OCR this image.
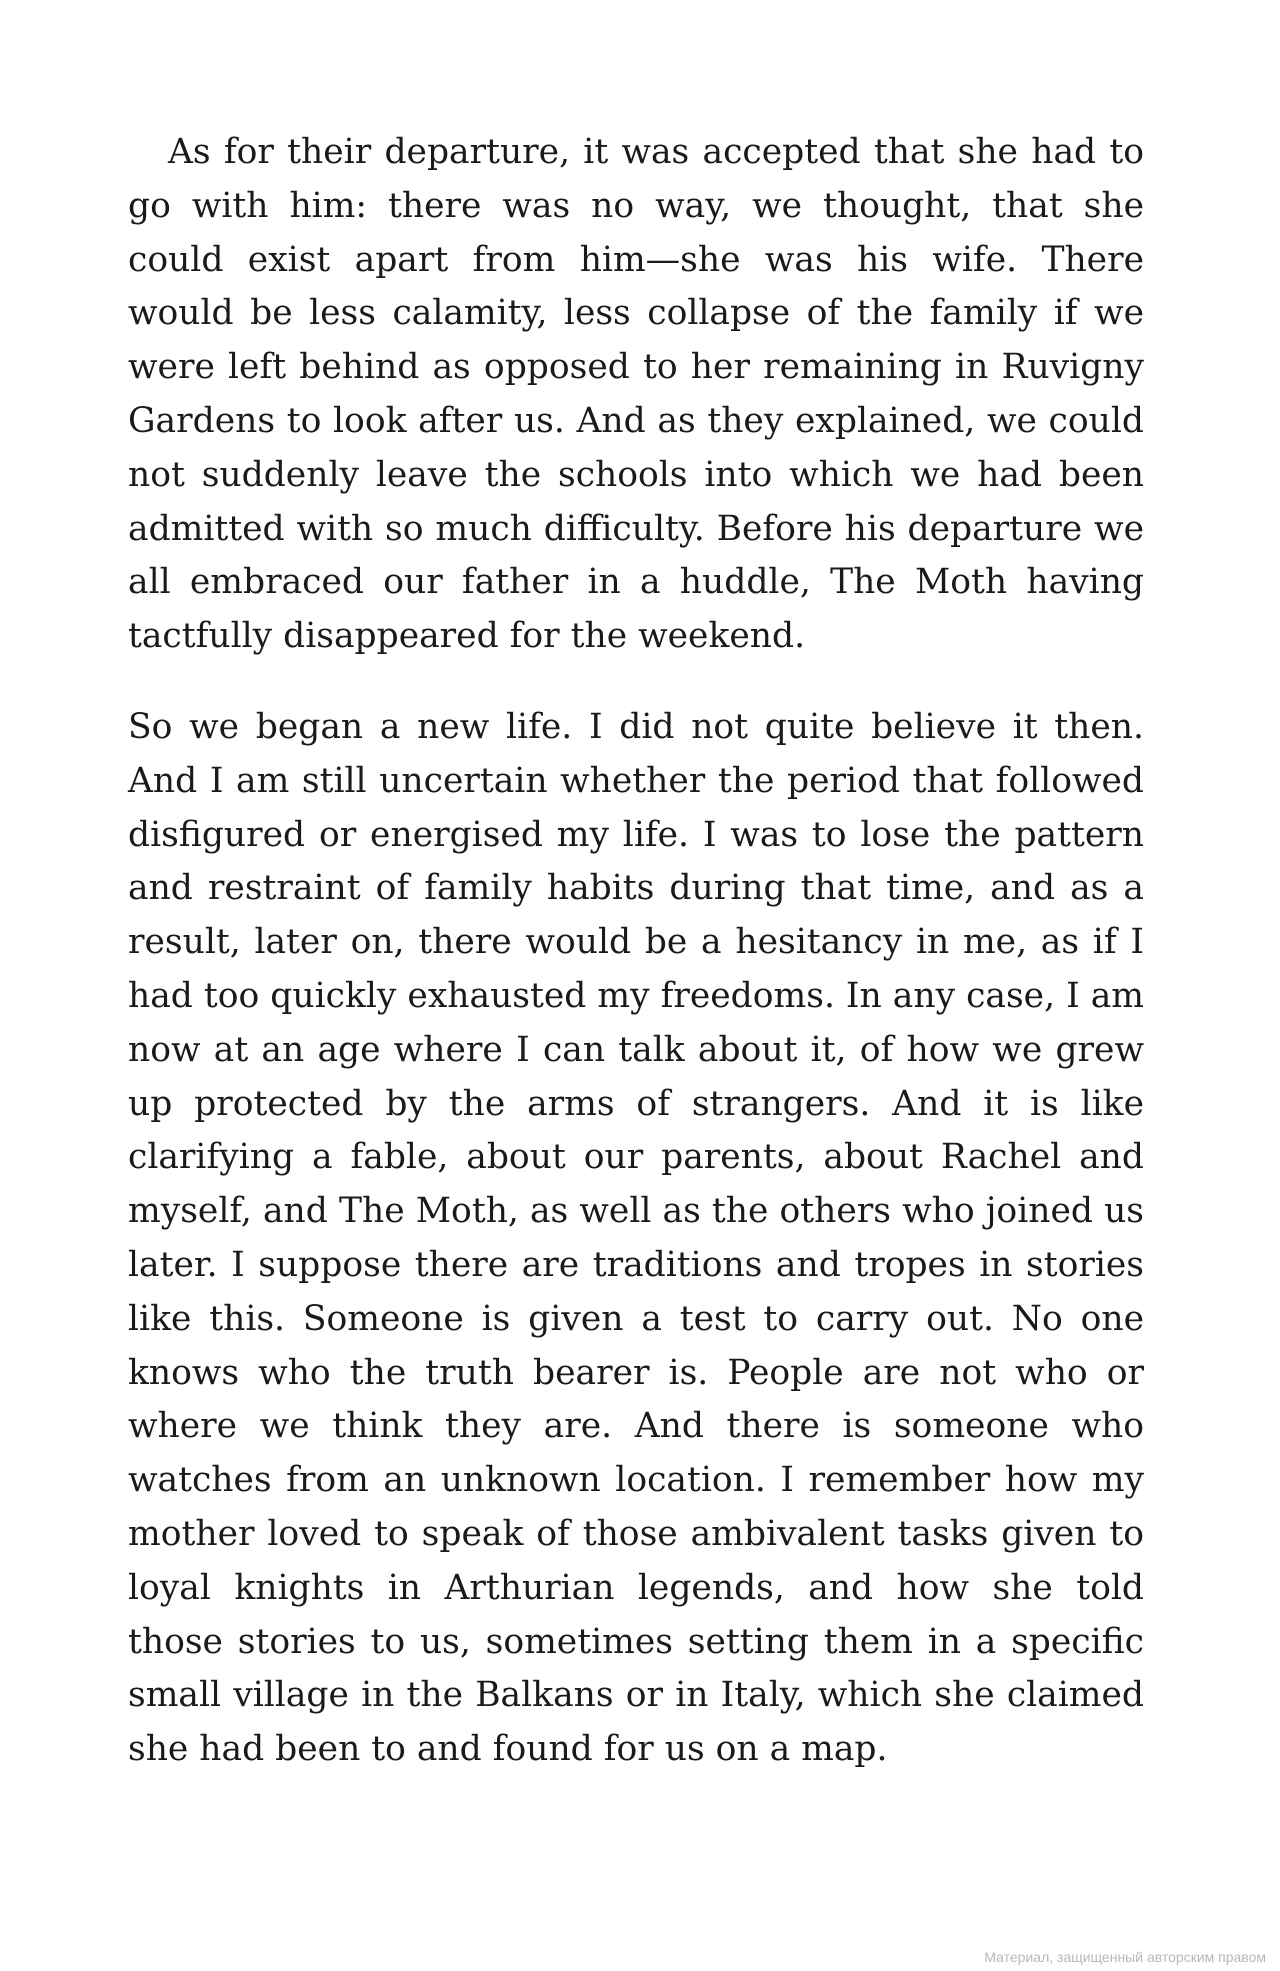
As for their departure, it was accepted that she had to go with him: there was no way, we thought, that she could exist apart from him—she was his wife. There would be less calamity, less collapse of the family if we were left behind as opposed to her remaining in Ruvigny Gardens to look after us. And as they explained, we could not suddenly leave the schools into which we had been admitted with so much difficulty. Before his departure we all embraced our father in a huddle, The Moth having tactfully disappeared for the weekend.

So we began a new life. I did not quite believe it then. And I am still uncertain whether the period that followed disfigured or energised my life. I was to lose the pattern and restraint of family habits during that time, and as a result, later on, there would be a hesitancy in me, as if I had too quickly exhausted my freedoms. In any case, I am now at an age where I can talk about it, of how we grew up protected by the arms of strangers. And it is like clarifying a fable, about our parents, about Rachel and myself, and The Moth, as well as the others who joined us later. I suppose there are traditions and tropes in stories like this. Someone is given a test to carry out. No one knows who the truth bearer is. People are not who or where we think they are. And there is someone who watches from an unknown location. I remember how my mother loved to speak of those ambivalent tasks given to loyal knights in Arthurian legends, and how she told those stories to us, sometimes setting them in a specific small village in the Balkans or in Italy, which she claimed she had been to and found for us on a map.

Материал, защищенный авторским правом
